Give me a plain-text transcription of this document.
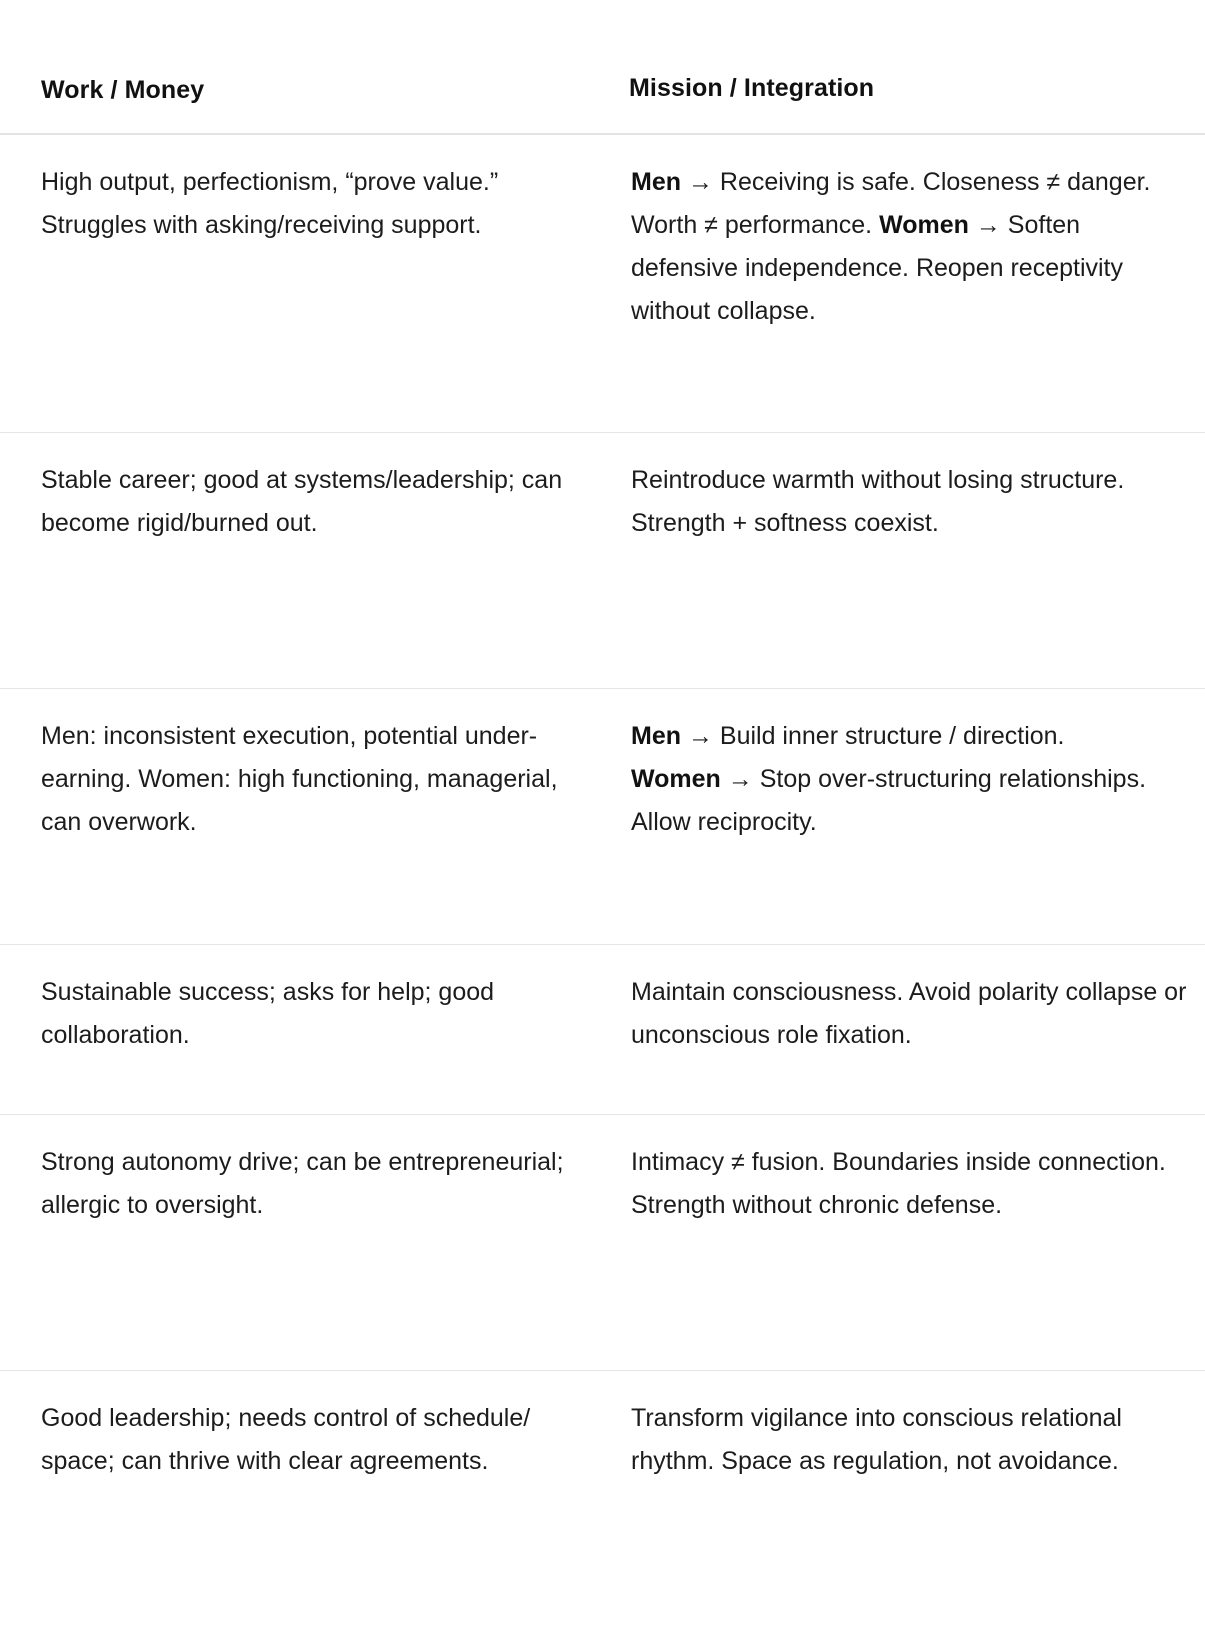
Work / Money	Mission / Integration
High output, perfectionism, “prove value.” Struggles with asking/receiving support.
Men → Receiving is safe. Closeness ≠ danger. Worth ≠ performance. Women → Soften defensive independence. Reopen receptivity without collapse.
Stable career; good at systems/leadership; can become rigid/burned out.
Reintroduce warmth without losing structure. Strength + softness coexist.
Men: inconsistent execution, potential under-earning. Women: high functioning, managerial, can overwork.
Men → Build inner structure / direction.
Women → Stop over-structuring relationships. Allow reciprocity.
Sustainable success; asks for help; good collaboration.
Maintain consciousness. Avoid polarity collapse or unconscious role fixation.
Strong autonomy drive; can be entrepreneurial; allergic to oversight.
Intimacy ≠ fusion. Boundaries inside connection. Strength without chronic defense.
Good leadership; needs control of schedule/ space; can thrive with clear agreements.
Transform vigilance into conscious relational rhythm. Space as regulation, not avoidance.
